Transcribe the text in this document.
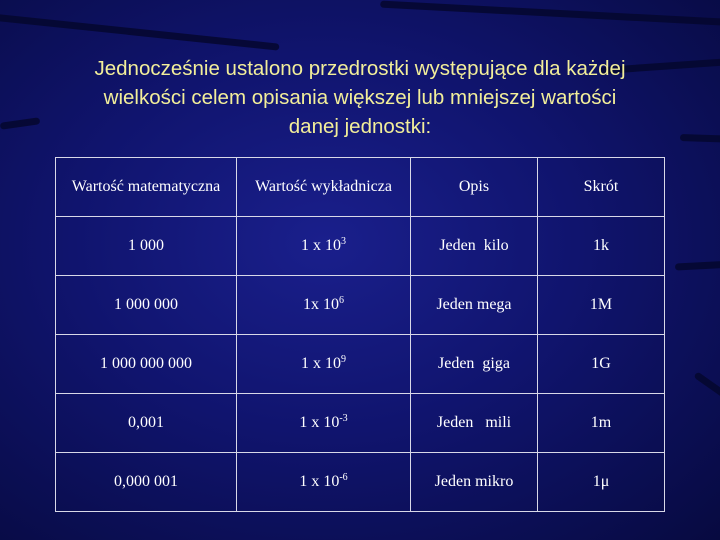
Jednocześnie ustalono przedrostki występujące dla każdej
wielkości celem opisania większej lub mniejszej wartości
danej jednostki:
Wartość matematyczna	Wartość wykładnicza	Opis	Skrót
1 000	1 x $10^3$	Jeden  kilo	1k
1 000 000	1x $10^6$	Jeden mega	1M
1 000 000 000	1 x $10^9$	Jeden  giga	1G
0,001	1 x $10^{-3}$	Jeden   mili	1m
0,000 001	1 x $10^{-6}$	Jeden mikro	1μ
